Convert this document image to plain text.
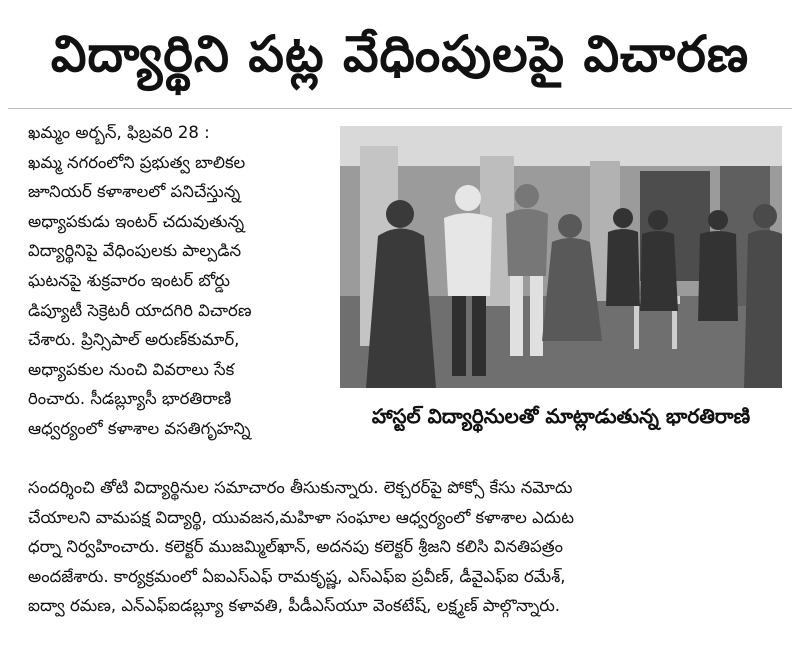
విద్యార్థిని పట్ల వేధింపులపై విచారణ
ఖమ్మం అర్బన్‌, ఫిబ్రవరి 28 :
ఖమ్మ నగరంలోని ప్రభుత్వ బాలికల
జూనియర్‌ కళాశాలలో పనిచేస్తున్న
అధ్యాపకుడు ఇంటర్‌ చదువుతున్న
విద్యార్థినిపై వేధింపులకు పాల్పడిన
ఘటనపై శుక్రవారం ఇంటర్‌ బోర్డు
డిప్యూటీ సెక్రెటరీ యాదగిరి విచారణ
చేశారు. ప్రిన్సిపాల్‌ అరుణ్‌కుమార్‌,
అధ్యాపకుల నుంచి వివరాలు సేక
రించారు. సీడబ్ల్యూసీ భారతిరాణి
ఆధ్వర్యంలో కళాశాల వసతిగృహన్ని
హాస్టల్‌ విద్యార్థినులతో మాట్లాడుతున్న భారతిరాణి
సందర్శించి తోటి విద్యార్థినుల సమాచారం తీసుకున్నారు. లెక్చరర్‌పై పోక్సో కేసు నమోదు
చేయాలని వామపక్ష విద్యార్థి, యువజన,మహిళా సంఘాల ఆధ్వర్యంలో కళాశాల ఎదుట
ధర్నా నిర్వహించారు. కలెక్టర్‌ ముజమ్మిల్‌ఖాన్‌, అదనపు కలెక్టర్‌ శ్రీజని కలిసి వినతిపత్రం
అందజేశారు. కార్యక్రమంలో ఏఐఎస్‌ఎఫ్‌ రామకృష్ణ, ఎస్‌ఎఫ్‌ఐ ప్రవీణ్‌, డీవైఎఫ్‌ఐ రమేశ్‌,
ఐద్వా రమణ, ఎన్‌ఎఫ్‌ఐడబ్ల్యూ కళావతి, పీడీఎస్‌యూ వెంకటేష్‌, లక్ష్మణ్‌ పాల్గొన్నారు.
